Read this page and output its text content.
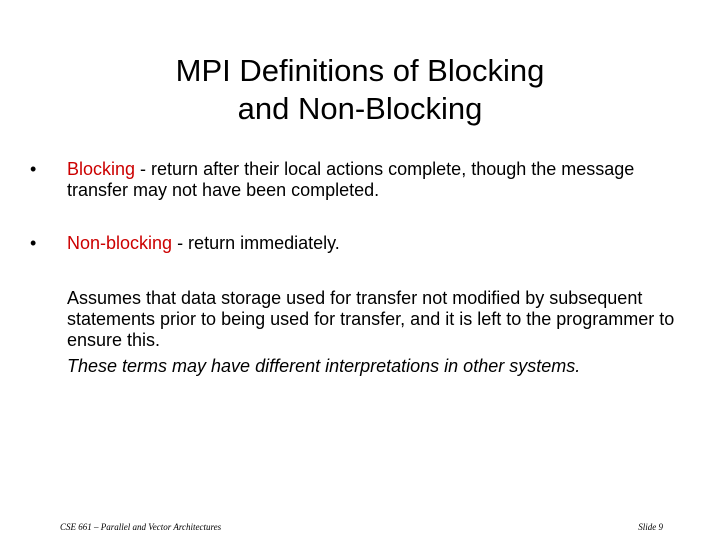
MPI Definitions of Blocking
and Non-Blocking
•	Blocking - return after their local actions complete, though the message transfer may not have been completed.
•	Non-blocking - return immediately.

Assumes that data storage used for transfer not modified by subsequent statements prior to being used for transfer, and it is left to the programmer to ensure this.

These terms may have different interpretations in other systems.

CSE 661 – Parallel and Vector Architectures	Slide 9
